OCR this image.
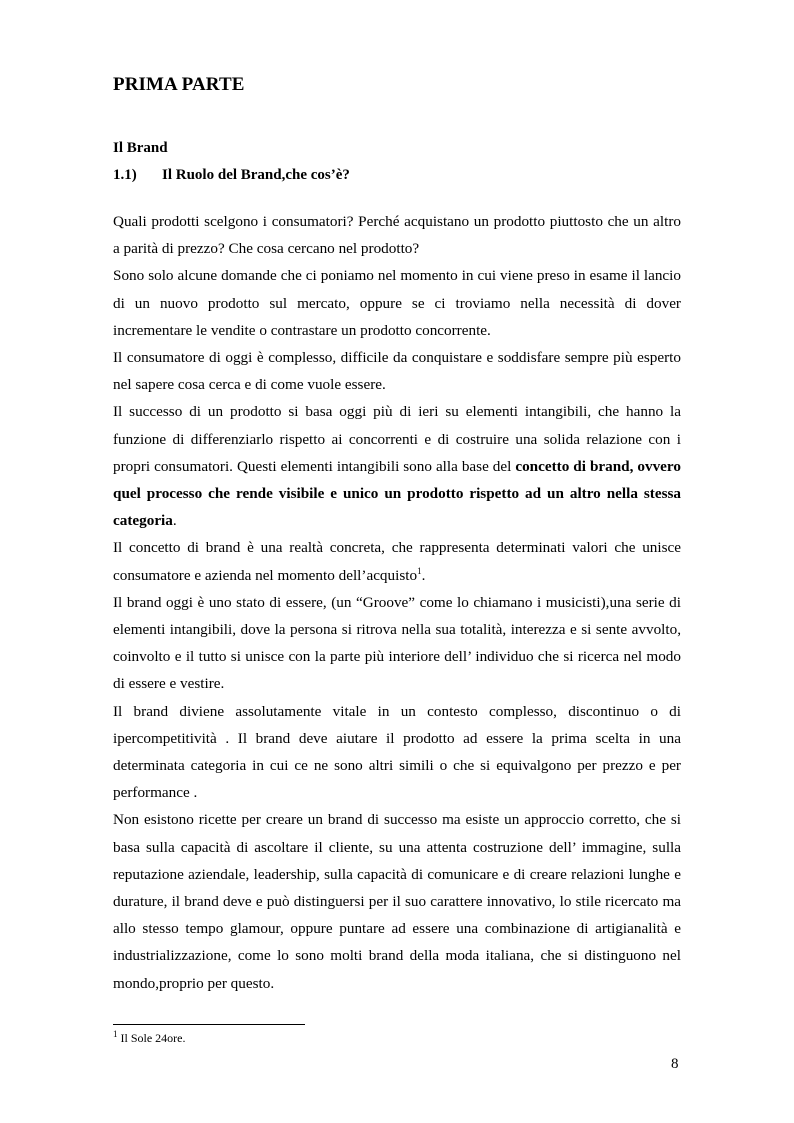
PRIMA PARTE
Il Brand
1.1) Il Ruolo del Brand,che cos’è?

Quali prodotti scelgono i consumatori? Perché acquistano un prodotto piuttosto che un altro a parità di prezzo? Che cosa cercano nel prodotto?

Sono solo alcune domande che ci poniamo nel momento in cui viene preso in esame il lancio di un nuovo prodotto sul mercato, oppure se ci troviamo nella necessità di dover incrementare le vendite o contrastare un prodotto concorrente.

Il consumatore di oggi è complesso, difficile da conquistare e soddisfare sempre più esperto nel sapere cosa cerca e di come vuole essere.

Il successo di un prodotto si basa oggi più di ieri su elementi intangibili, che hanno la funzione di differenziarlo rispetto ai concorrenti e di costruire una solida relazione con i propri consumatori. Questi elementi intangibili sono alla base del concetto di brand, ovvero quel processo che rende visibile e unico un prodotto rispetto ad un altro nella stessa categoria.

Il concetto di brand è una realtà concreta, che rappresenta determinati valori che unisce consumatore e azienda nel momento dell’acquisto$^1$.

Il brand oggi è uno stato di essere, (un “Groove” come lo chiamano i musicisti),una serie di elementi intangibili, dove la persona si ritrova nella sua totalità, interezza e si sente avvolto, coinvolto e il tutto si unisce con la parte più interiore dell’ individuo che si ricerca nel modo di essere e vestire.

Il brand diviene assolutamente vitale in un contesto complesso, discontinuo o di ipercompetitività . Il brand deve aiutare il prodotto ad essere la prima scelta in una determinata categoria in cui ce ne sono altri simili o che si equivalgono per prezzo e per performance .

Non esistono ricette per creare un brand di successo ma esiste un approccio corretto, che si basa sulla capacità di ascoltare il cliente, su una attenta costruzione dell’ immagine, sulla reputazione aziendale, leadership, sulla capacità di comunicare e di creare relazioni lunghe e durature, il brand deve e può distinguersi per il suo carattere innovativo, lo stile ricercato ma allo stesso tempo glamour, oppure puntare ad essere una combinazione di artigianalità e industrializzazione, come lo sono molti brand della moda italiana, che si distinguono nel mondo,proprio per questo.

$^1$ Il Sole 24ore.
8
